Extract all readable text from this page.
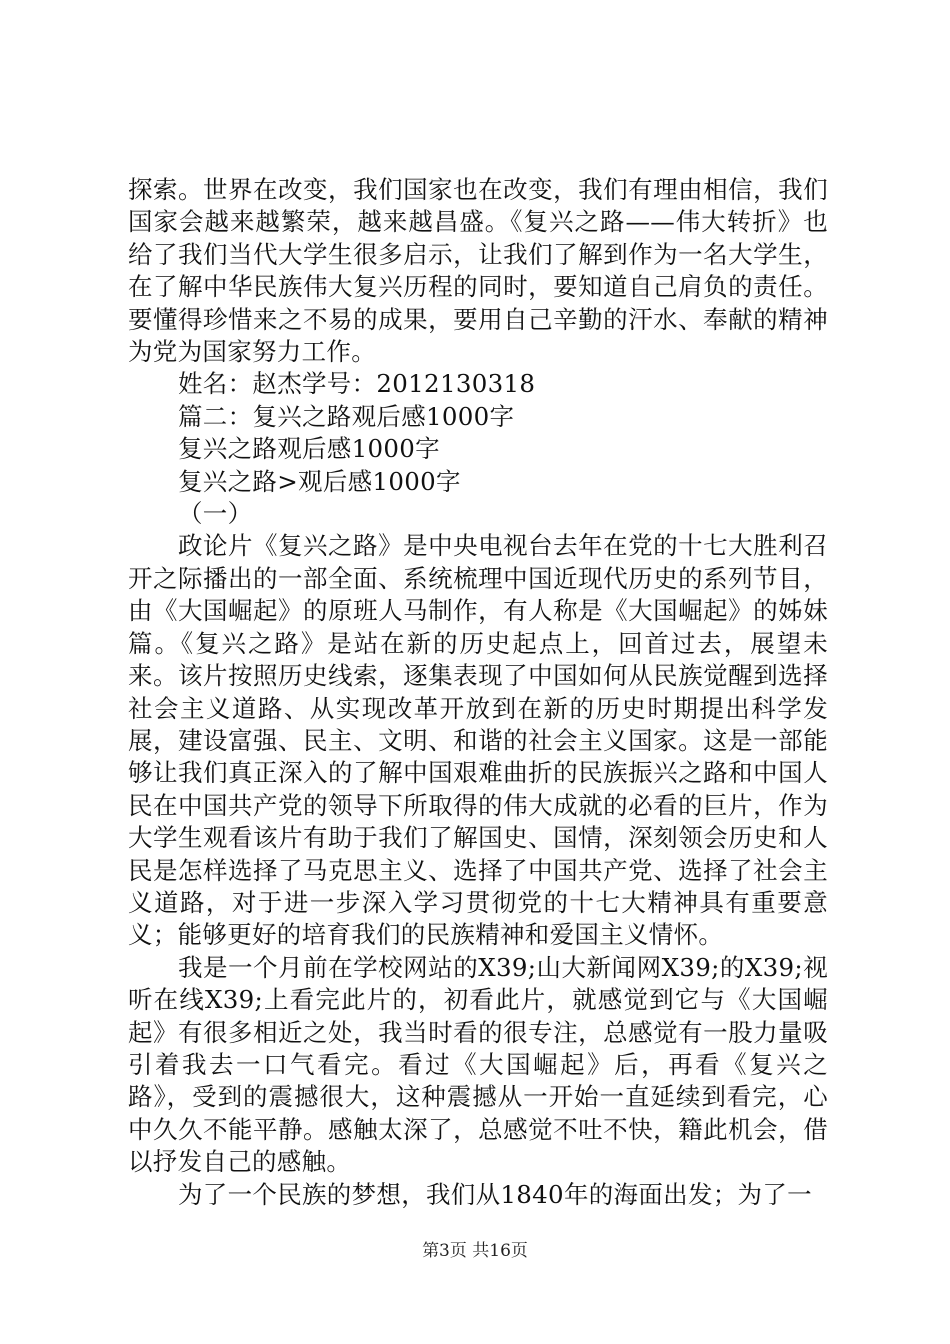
探索。世界在改变，我们国家也在改变，我们有理由相信，我们国家会越来越繁荣，越来越昌盛。《复兴之路——伟大转折》也给了我们当代大学生很多启示，让我们了解到作为一名大学生，在了解中华民族伟大复兴历程的同时，要知道自己肩负的责任。要懂得珍惜来之不易的成果，要用自己辛勤的汗水、奉献的精神为党为国家努力工作。

姓名：赵杰学号：2012130318

篇二：复兴之路观后感1000字

复兴之路观后感1000字

复兴之路>观后感1000字

（一）

政论片《复兴之路》是中央电视台去年在党的十七大胜利召开之际播出的一部全面、系统梳理中国近现代历史的系列节目，由《大国崛起》的原班人马制作，有人称是《大国崛起》的姊妹篇。《复兴之路》是站在新的历史起点上，回首过去，展望未来。该片按照历史线索，逐集表现了中国如何从民族觉醒到选择社会主义道路、从实现改革开放到在新的历史时期提出科学发展，建设富强、民主、文明、和谐的社会主义国家。这是一部能够让我们真正深入的了解中国艰难曲折的民族振兴之路和中国人民在中国共产党的领导下所取得的伟大成就的必看的巨片，作为大学生观看该片有助于我们了解国史、国情，深刻领会历史和人民是怎样选择了马克思主义、选择了中国共产党、选择了社会主义道路，对于进一步深入学习贯彻党的十七大精神具有重要意义；能够更好的培育我们的民族精神和爱国主义情怀。

我是一个月前在学校网站的X39;山大新闻网X39;的X39;视听在线X39;上看完此片的，初看此片，就感觉到它与《大国崛起》有很多相近之处，我当时看的很专注，总感觉有一股力量吸引着我去一口气看完。看过《大国崛起》后，再看《复兴之路》，受到的震撼很大，这种震撼从一开始一直延续到看完，心中久久不能平静。感触太深了，总感觉不吐不快，籍此机会，借以抒发自己的感触。

为了一个民族的梦想，我们从1840年的海面出发；为了一

第3页 共16页
